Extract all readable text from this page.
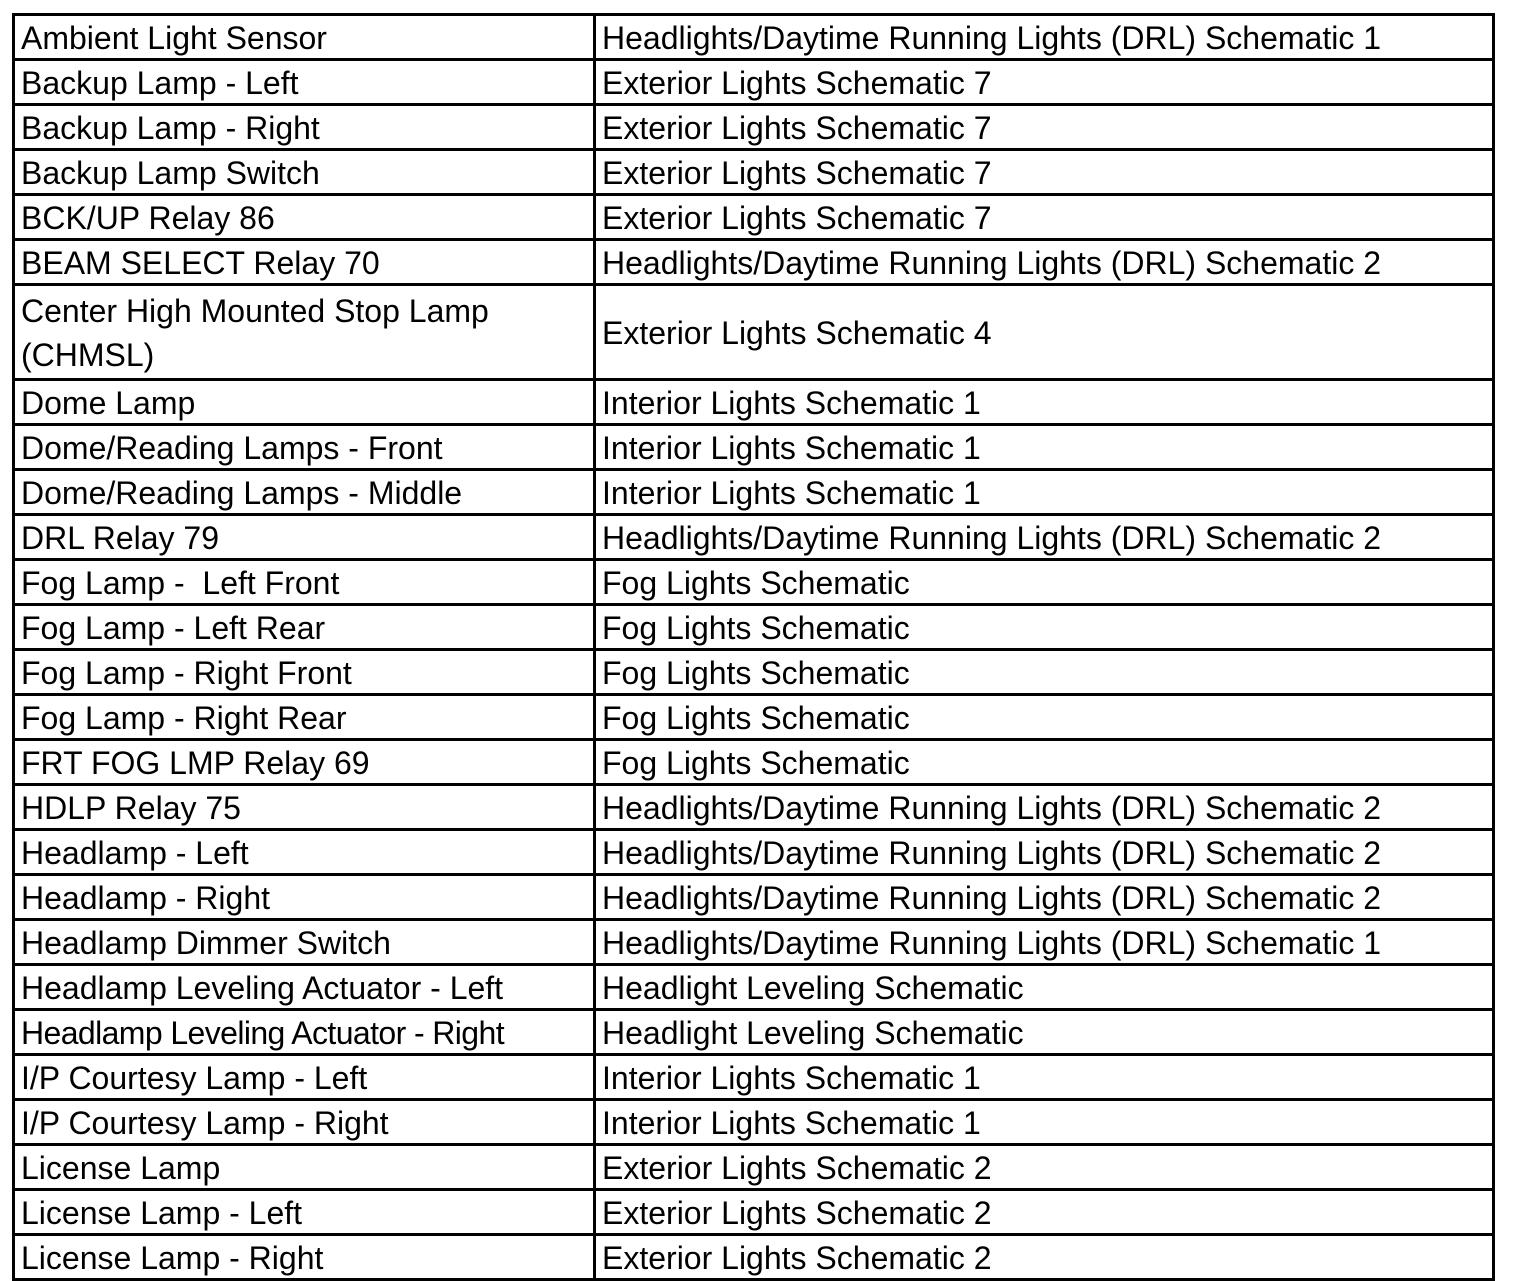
Ambient Light Sensor	Headlights/Daytime Running Lights (DRL) Schematic 1
Backup Lamp - Left	Exterior Lights Schematic 7
Backup Lamp - Right	Exterior Lights Schematic 7
Backup Lamp Switch	Exterior Lights Schematic 7
BCK/UP Relay 86	Exterior Lights Schematic 7
BEAM SELECT Relay 70	Headlights/Daytime Running Lights (DRL) Schematic 2
Center High Mounted Stop Lamp (CHMSL)	Exterior Lights Schematic 4
Dome Lamp	Interior Lights Schematic 1
Dome/Reading Lamps - Front	Interior Lights Schematic 1
Dome/Reading Lamps - Middle	Interior Lights Schematic 1
DRL Relay 79	Headlights/Daytime Running Lights (DRL) Schematic 2
Fog Lamp -  Left Front	Fog Lights Schematic
Fog Lamp - Left Rear	Fog Lights Schematic
Fog Lamp - Right Front	Fog Lights Schematic
Fog Lamp - Right Rear	Fog Lights Schematic
FRT FOG LMP Relay 69	Fog Lights Schematic
HDLP Relay 75	Headlights/Daytime Running Lights (DRL) Schematic 2
Headlamp - Left	Headlights/Daytime Running Lights (DRL) Schematic 2
Headlamp - Right	Headlights/Daytime Running Lights (DRL) Schematic 2
Headlamp Dimmer Switch	Headlights/Daytime Running Lights (DRL) Schematic 1
Headlamp Leveling Actuator - Left	Headlight Leveling Schematic
Headlamp Leveling Actuator - Right	Headlight Leveling Schematic
I/P Courtesy Lamp - Left	Interior Lights Schematic 1
I/P Courtesy Lamp - Right	Interior Lights Schematic 1
License Lamp	Exterior Lights Schematic 2
License Lamp - Left	Exterior Lights Schematic 2
License Lamp - Right	Exterior Lights Schematic 2
